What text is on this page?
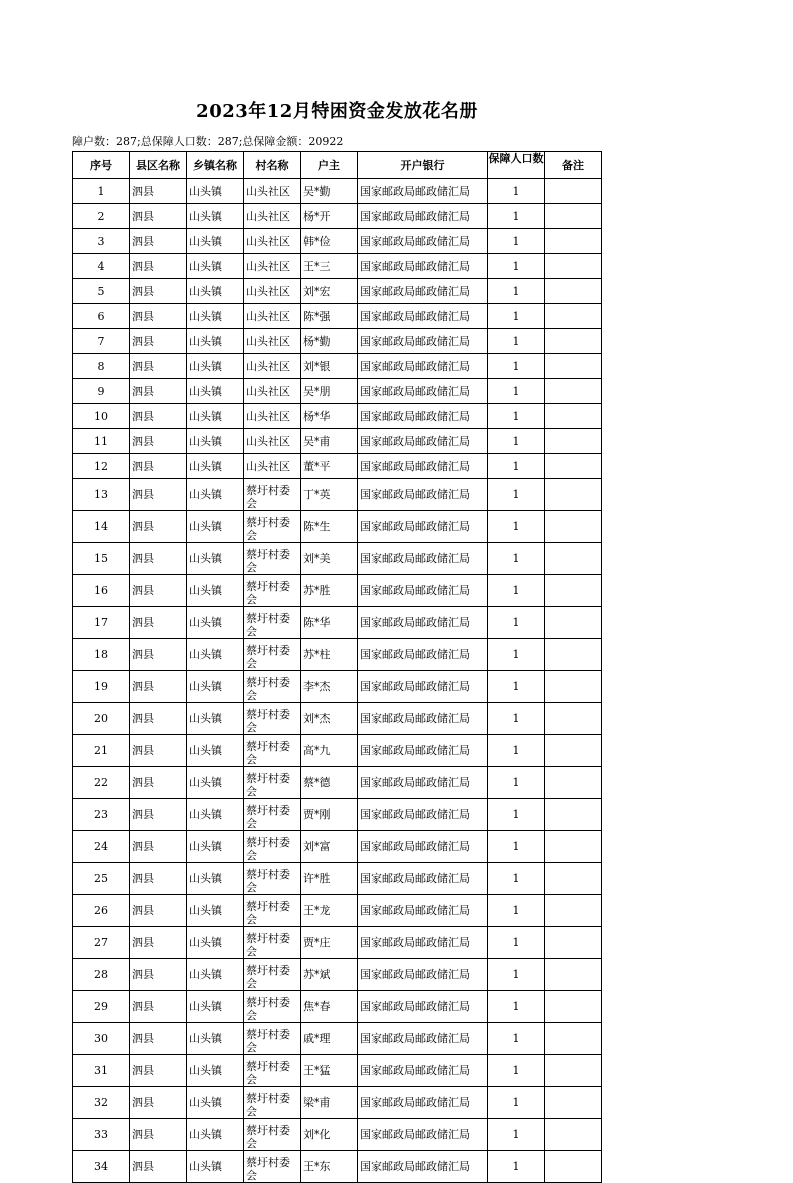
2023年12月特困资金发放花名册
障户数：287;总保障人口数：287;总保障金额：20922
序号	县区名称	乡镇名称	村名称	户主	开户银行	保障人口数	备注
1	泗县	山头镇	山头社区	吴*勤	国家邮政局邮政储汇局	1	
2	泗县	山头镇	山头社区	杨*开	国家邮政局邮政储汇局	1	
3	泗县	山头镇	山头社区	韩*俭	国家邮政局邮政储汇局	1	
4	泗县	山头镇	山头社区	王*三	国家邮政局邮政储汇局	1	
5	泗县	山头镇	山头社区	刘*宏	国家邮政局邮政储汇局	1	
6	泗县	山头镇	山头社区	陈*强	国家邮政局邮政储汇局	1	
7	泗县	山头镇	山头社区	杨*勤	国家邮政局邮政储汇局	1	
8	泗县	山头镇	山头社区	刘*银	国家邮政局邮政储汇局	1	
9	泗县	山头镇	山头社区	吴*朋	国家邮政局邮政储汇局	1	
10	泗县	山头镇	山头社区	杨*华	国家邮政局邮政储汇局	1	
11	泗县	山头镇	山头社区	吴*甫	国家邮政局邮政储汇局	1	
12	泗县	山头镇	山头社区	董*平	国家邮政局邮政储汇局	1	
13	泗县	山头镇	蔡圩村委会	丁*英	国家邮政局邮政储汇局	1	
14	泗县	山头镇	蔡圩村委会	陈*生	国家邮政局邮政储汇局	1	
15	泗县	山头镇	蔡圩村委会	刘*美	国家邮政局邮政储汇局	1	
16	泗县	山头镇	蔡圩村委会	苏*胜	国家邮政局邮政储汇局	1	
17	泗县	山头镇	蔡圩村委会	陈*华	国家邮政局邮政储汇局	1	
18	泗县	山头镇	蔡圩村委会	苏*柱	国家邮政局邮政储汇局	1	
19	泗县	山头镇	蔡圩村委会	李*杰	国家邮政局邮政储汇局	1	
20	泗县	山头镇	蔡圩村委会	刘*杰	国家邮政局邮政储汇局	1	
21	泗县	山头镇	蔡圩村委会	高*九	国家邮政局邮政储汇局	1	
22	泗县	山头镇	蔡圩村委会	蔡*德	国家邮政局邮政储汇局	1	
23	泗县	山头镇	蔡圩村委会	贾*刚	国家邮政局邮政储汇局	1	
24	泗县	山头镇	蔡圩村委会	刘*富	国家邮政局邮政储汇局	1	
25	泗县	山头镇	蔡圩村委会	许*胜	国家邮政局邮政储汇局	1	
26	泗县	山头镇	蔡圩村委会	王*龙	国家邮政局邮政储汇局	1	
27	泗县	山头镇	蔡圩村委会	贾*庄	国家邮政局邮政储汇局	1	
28	泗县	山头镇	蔡圩村委会	苏*斌	国家邮政局邮政储汇局	1	
29	泗县	山头镇	蔡圩村委会	焦*春	国家邮政局邮政储汇局	1	
30	泗县	山头镇	蔡圩村委会	戚*理	国家邮政局邮政储汇局	1	
31	泗县	山头镇	蔡圩村委会	王*猛	国家邮政局邮政储汇局	1	
32	泗县	山头镇	蔡圩村委会	梁*甫	国家邮政局邮政储汇局	1	
33	泗县	山头镇	蔡圩村委会	刘*化	国家邮政局邮政储汇局	1	
34	泗县	山头镇	蔡圩村委会	王*东	国家邮政局邮政储汇局	1	
